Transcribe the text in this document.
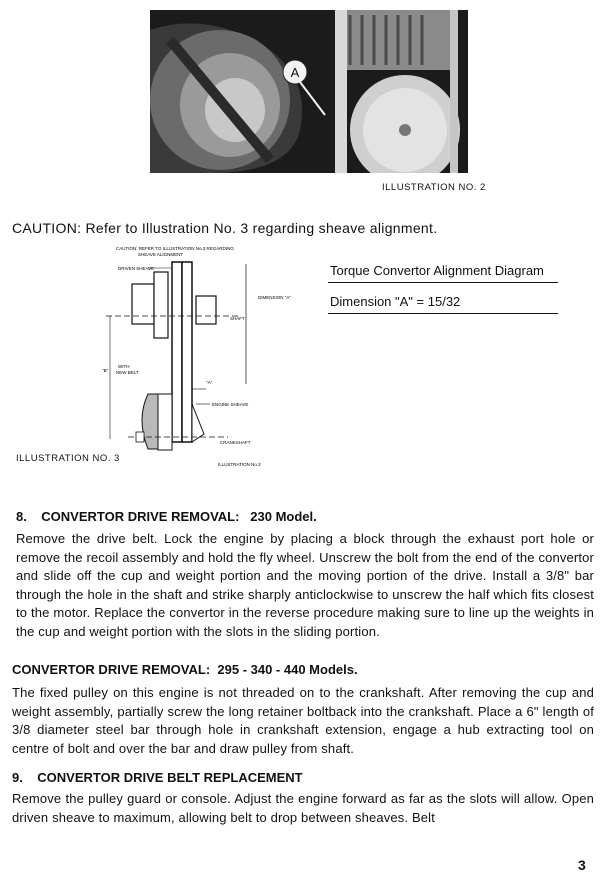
A
ILLUSTRATION NO. 2
CAUTION: Refer to Illustration No. 3 regarding sheave alignment.
CAUTION: REFER TO ILLUSTRATION No.3 REGARDING
SHEAVE ALIGNMENT
DRIVEN SHEAVE
DIMENSION "A"
SHAFT
WITH
NEW BELT
"B"
"A"
ENGINE SHEAVE
CRANKSHAFT
ILLUSTRATION No.3
Torque Convertor Alignment Diagram
Dimension "A" = 15/32
ILLUSTRATION NO. 3
8. CONVERTOR DRIVE REMOVAL: 230 Model.
Remove the drive belt. Lock the engine by placing a block through the exhaust port hole or remove the recoil assembly and hold the fly wheel. Unscrew the bolt from the end of the convertor and slide off the cup and weight portion and the moving portion of the drive. Install a 3/8" bar through the hole in the shaft and strike sharply anticlockwise to unscrew the half which fits closest to the motor. Replace the convertor in the reverse procedure making sure to line up the weights in the cup and weight portion with the slots in the sliding portion.
CONVERTOR DRIVE REMOVAL: 295 - 340 - 440 Models.
The fixed pulley on this engine is not threaded on to the crankshaft. After removing the cup and weight assembly, partially screw the long retainer boltback into the crankshaft. Place a 6" length of 3/8 diameter steel bar through hole in crankshaft extension, engage a hub extracting tool on centre of bolt and over the bar and draw pulley from shaft.
9. CONVERTOR DRIVE BELT REPLACEMENT
Remove the pulley guard or console. Adjust the engine forward as far as the slots will allow. Open driven sheave to maximum, allowing belt to drop between sheaves. Belt
3
